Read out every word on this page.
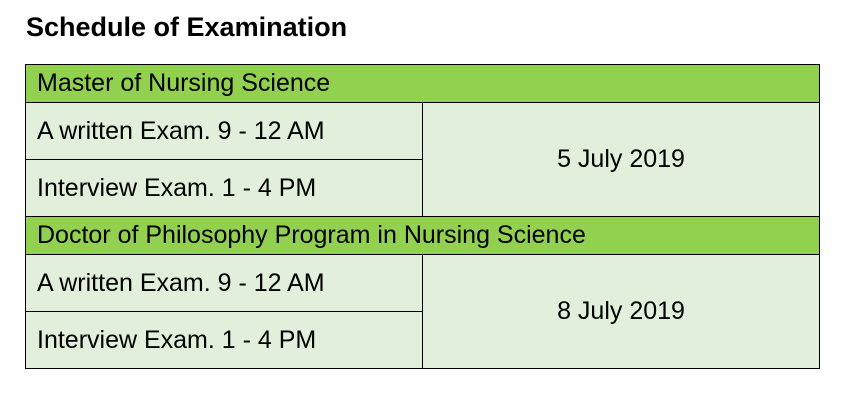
Schedule of Examination
Master of Nursing Science	
A written Exam. 9 - 12 AM	5 July 2019
Interview Exam. 1 - 4 PM	
Doctor of Philosophy Program in Nursing Science	
A written Exam. 9 - 12 AM	8 July 2019
Interview Exam. 1 - 4 PM	
